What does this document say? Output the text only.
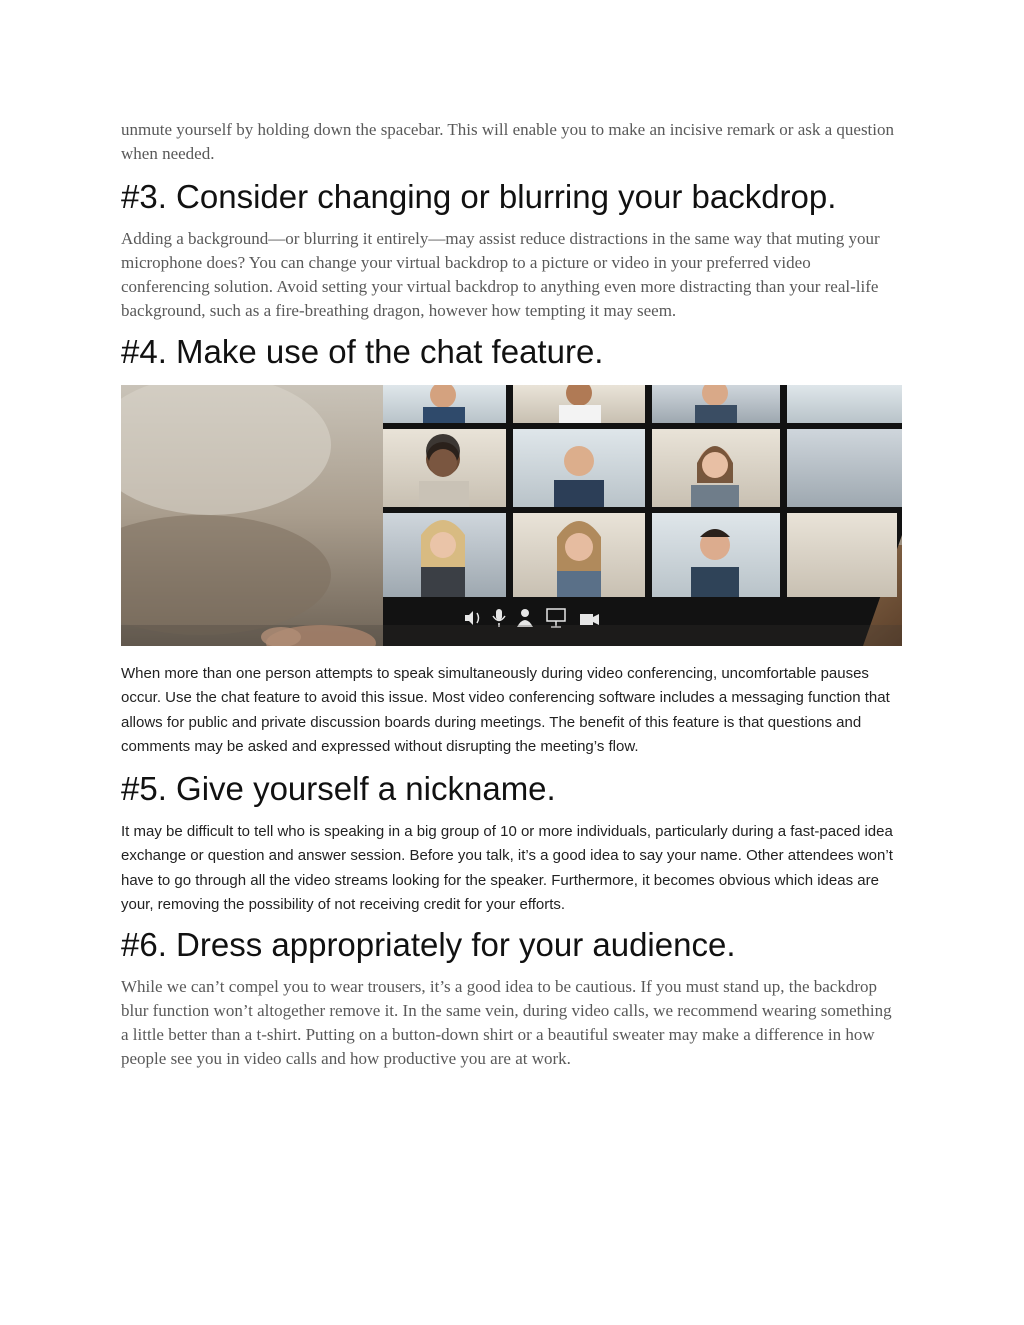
unmute yourself by holding down the spacebar. This will enable you to make an incisive remark or ask a question when needed.

#3. Consider changing or blurring your backdrop.

Adding a background—or blurring it entirely—may assist reduce distractions in the same way that muting your microphone does? You can change your virtual backdrop to a picture or video in your preferred video conferencing solution. Avoid setting your virtual backdrop to anything even more distracting than your real-life background, such as a fire-breathing dragon, however how tempting it may seem.

#4. Make use of the chat feature.

When more than one person attempts to speak simultaneously during video conferencing, uncomfortable pauses occur. Use the chat feature to avoid this issue. Most video conferencing software includes a messaging function that allows for public and private discussion boards during meetings. The benefit of this feature is that questions and comments may be asked and expressed without disrupting the meeting’s flow.

#5. Give yourself a nickname.

It may be difficult to tell who is speaking in a big group of 10 or more individuals, particularly during a fast-paced idea exchange or question and answer session. Before you talk, it’s a good idea to say your name. Other attendees won’t have to go through all the video streams looking for the speaker. Furthermore, it becomes obvious which ideas are your, removing the possibility of not receiving credit for your efforts.

#6. Dress appropriately for your audience.

While we can’t compel you to wear trousers, it’s a good idea to be cautious. If you must stand up, the backdrop blur function won’t altogether remove it. In the same vein, during video calls, we recommend wearing something a little better than a t-shirt. Putting on a button-down shirt or a beautiful sweater may make a difference in how people see you in video calls and how productive you are at work.
